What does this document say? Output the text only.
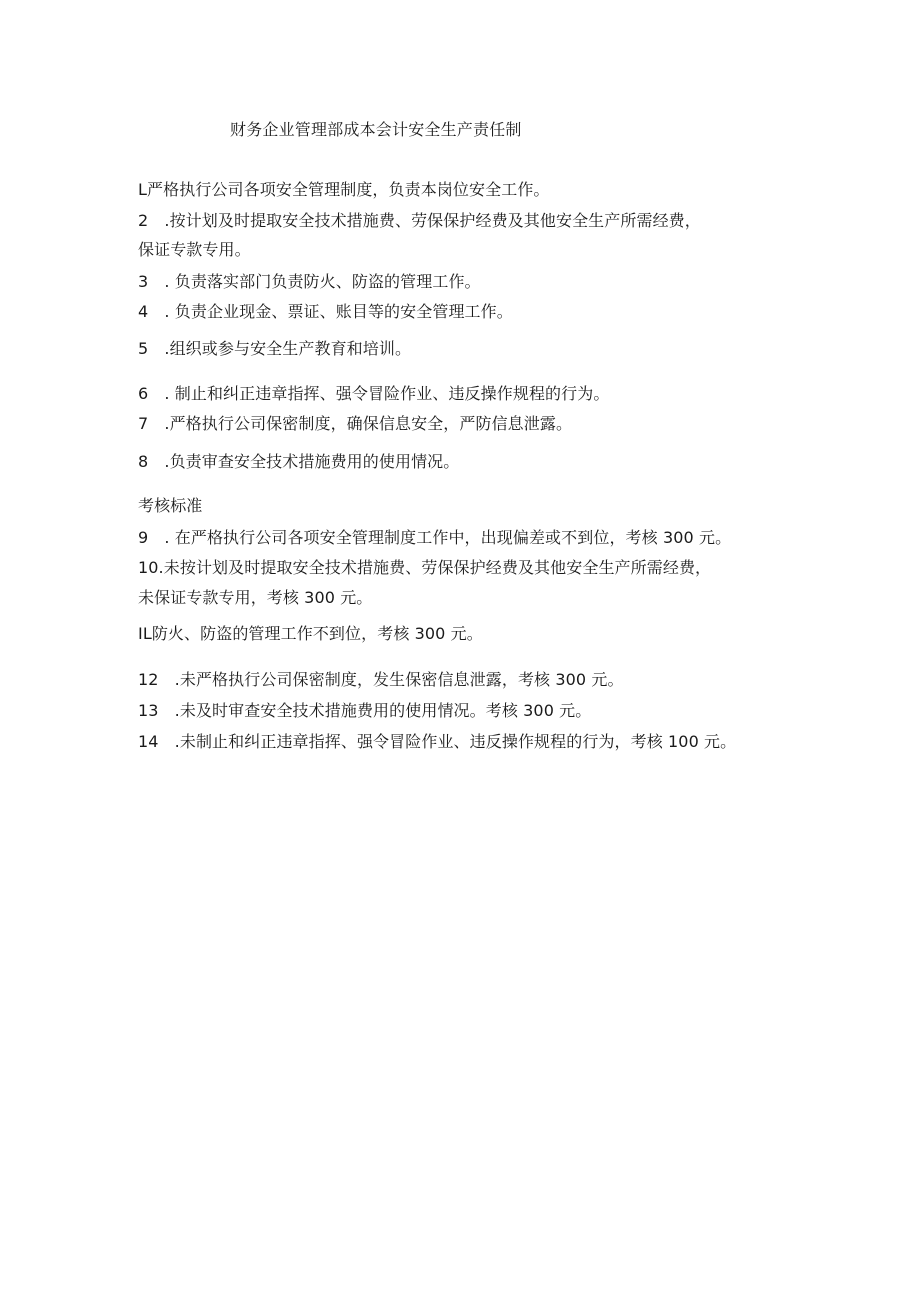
财务企业管理部成本会计安全生产责任制
L严格执行公司各项安全管理制度，负责本岗位安全工作。
2　.按计划及时提取安全技术措施费、劳保保护经费及其他安全生产所需经费，
保证专款专用。
3　. 负责落实部门负责防火、防盗的管理工作。
4　. 负责企业现金、票证、账目等的安全管理工作。
5　.组织或参与安全生产教育和培训。
6　. 制止和纠正违章指挥、强令冒险作业、违反操作规程的行为。
7　.严格执行公司保密制度，确保信息安全，严防信息泄露。
8　.负责审查安全技术措施费用的使用情况。
考核标准
9　. 在严格执行公司各项安全管理制度工作中，出现偏差或不到位，考核 300 元。
10.未按计划及时提取安全技术措施费、劳保保护经费及其他安全生产所需经费，
未保证专款专用，考核 300 元。
IL防火、防盗的管理工作不到位，考核 300 元。
12　.未严格执行公司保密制度，发生保密信息泄露，考核 300 元。
13　.未及时审查安全技术措施费用的使用情况。考核 300 元。
14　.未制止和纠正违章指挥、强令冒险作业、违反操作规程的行为，考核 100 元。
